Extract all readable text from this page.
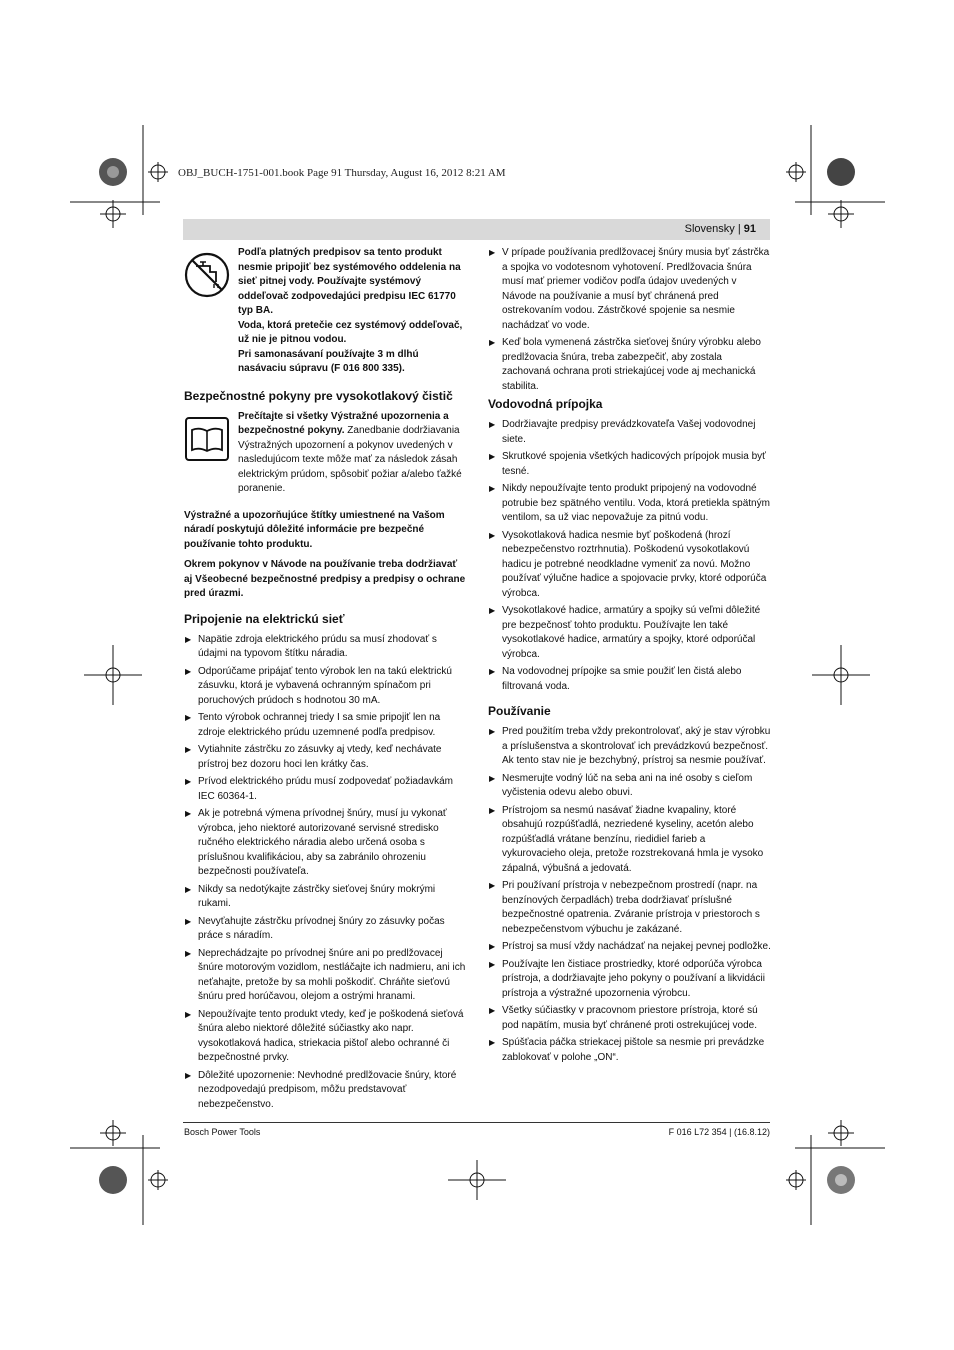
OBJ_BUCH-1751-001.book Page 91 Thursday, August 16, 2012 8:21 AM
Slovensky | 91
Podľa platných predpisov sa tento produkt nesmie pripojiť bez systémového oddelenia na sieť pitnej vody. Používajte systémový oddeľovač zodpovedajúci predpisu IEC 61770 typ BA.
Voda, ktorá pretečie cez systémový oddeľovač, už nie je pitnou vodou.
Pri samonasávaní používajte 3 m dlhú nasávaciu súpravu (F 016 800 335).
Bezpečnostné pokyny pre vysokotlakový čistič
Prečítajte si všetky Výstražné upozornenia a bezpečnostné pokyny. Zanedbanie dodržiavania Výstražných upozornení a pokynov uvedených v nasledujúcom texte môže mať za následok zásah elektrickým prúdom, spôsobiť požiar a/alebo ťažké poranenie.

Výstražné a upozorňujúce štítky umiestnené na Vašom náradí poskytujú dôležité informácie pre bezpečné používanie tohto produktu.

Okrem pokynov v Návode na používanie treba dodržiavať aj Všeobecné bezpečnostné predpisy a predpisy o ochrane pred úrazmi.

Pripojenie na elektrickú sieť
▶ Napätie zdroja elektrického prúdu sa musí zhodovať s údajmi na typovom štítku náradia.
▶ Odporúčame pripájať tento výrobok len na takú elektrickú zásuvku, ktorá je vybavená ochranným spínačom pri poruchových prúdoch s hodnotou 30 mA.
▶ Tento výrobok ochrannej triedy I sa smie pripojiť len na zdroje elektrického prúdu uzemnené podľa predpisov.
▶ Vytiahnite zástrčku zo zásuvky aj vtedy, keď nechávate prístroj bez dozoru hoci len krátky čas.
▶ Prívod elektrického prúdu musí zodpovedať požiadavkám IEC 60364-1.
▶ Ak je potrebná výmena prívodnej šnúry, musí ju vykonať výrobca, jeho niektoré autorizované servisné stredisko ručného elektrického náradia alebo určená osoba s príslušnou kvalifikáciou, aby sa zabránilo ohrozeniu bezpečnosti používateľa.
▶ Nikdy sa nedotýkajte zástrčky sieťovej šnúry mokrými rukami.
▶ Nevyťahujte zástrčku prívodnej šnúry zo zásuvky počas práce s náradím.
▶ Neprechádzajte po prívodnej šnúre ani po predlžovacej šnúre motorovým vozidlom, nestláčajte ich nadmieru, ani ich neťahajte, pretože by sa mohli poškodiť. Chráňte sieťovú šnúru pred horúčavou, olejom a ostrými hranami.
▶ Nepoužívajte tento produkt vtedy, keď je poškodená sieťová šnúra alebo niektoré dôležité súčiastky ako napr. vysokotlaková hadica, striekacia pištoľ alebo ochranné či bezpečnostné prvky.
▶ Dôležité upozornenie: Nevhodné predlžovacie šnúry, ktoré nezodpovedajú predpisom, môžu predstavovať nebezpečenstvo.
▶ V prípade používania predlžovacej šnúry musia byť zástrčka a spojka vo vodotesnom vyhotovení. Predlžovacia šnúra musí mať priemer vodičov podľa údajov uvedených v Návode na používanie a musí byť chránená pred ostrekovaním vodou. Zástrčkové spojenie sa nesmie nachádzať vo vode.
▶ Keď bola vymenená zástrčka sieťovej šnúry výrobku alebo predlžovacia šnúra, treba zabezpečiť, aby zostala zachovaná ochrana proti striekajúcej vode aj mechanická stabilita.
Vodovodná prípojka
▶ Dodržiavajte predpisy prevádzkovateľa Vašej vodovodnej siete.
▶ Skrutkové spojenia všetkých hadicových prípojok musia byť tesné.
▶ Nikdy nepoužívajte tento produkt pripojený na vodovodné potrubie bez spätného ventilu. Voda, ktorá pretiekla spätným ventilom, sa už viac nepovažuje za pitnú vodu.
▶ Vysokotlaková hadica nesmie byť poškodená (hrozí nebezpečenstvo roztrhnutia). Poškodenú vysokotlakovú hadicu je potrebné neodkladne vymeniť za novú. Možno používať výlučne hadice a spojovacie prvky, ktoré odporúča výrobca.
▶ Vysokotlakové hadice, armatúry a spojky sú veľmi dôležité pre bezpečnosť tohto produktu. Používajte len také vysokotlakové hadice, armatúry a spojky, ktoré odporúčal výrobca.
▶ Na vodovodnej prípojke sa smie použiť len čistá alebo filtrovaná voda.
Používanie
▶ Pred použitím treba vždy prekontrolovať, aký je stav výrobku a príslušenstva a skontrolovať ich prevádzkovú bezpečnosť. Ak tento stav nie je bezchybný, prístroj sa nesmie používať.
▶ Nesmerujte vodný lúč na seba ani na iné osoby s cieľom vyčistenia odevu alebo obuvi.
▶ Prístrojom sa nesmú nasávať žiadne kvapaliny, ktoré obsahujú rozpúšťadlá, nezriedené kyseliny, acetón alebo rozpúšťadlá vrátane benzínu, riedidiel farieb a vykurovacieho oleja, pretože rozstrekovaná hmla je vysoko zápalná, výbušná a jedovatá.
▶ Pri používaní prístroja v nebezpečnom prostredí (napr. na benzínových čerpadlách) treba dodržiavať príslušné bezpečnostné opatrenia. Zváranie prístroja v priestoroch s nebezpečenstvom výbuchu je zakázané.
▶ Prístroj sa musí vždy nachádzať na nejakej pevnej podložke.
▶ Používajte len čistiace prostriedky, ktoré odporúča výrobca prístroja, a dodržiavajte jeho pokyny o používaní a likvidácii prístroja a výstražné upozornenia výrobcu.
▶ Všetky súčiastky v pracovnom priestore prístroja, ktoré sú pod napätím, musia byť chránené proti ostrekujúcej vode.
▶ Spúšťacia páčka striekacej pištole sa nesmie pri prevádzke zablokovať v polohe „ON“.
Bosch Power Tools	F 016 L72 354 | (16.8.12)
